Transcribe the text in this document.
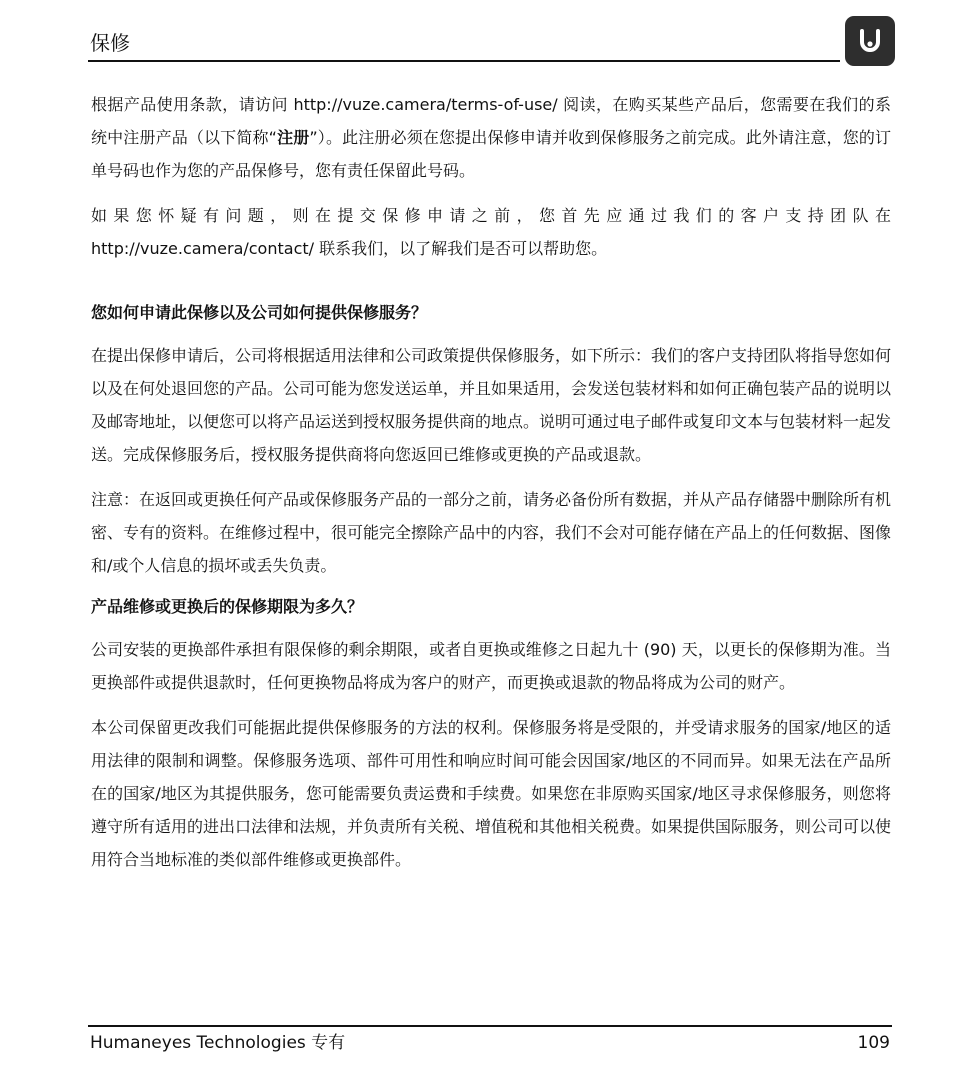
保修

根据产品使用条款，请访问 http://vuze.camera/terms-of-use/ 阅读，在购买某些产品后，您需要在我们的系统中注册产品（以下简称“注册”）。此注册必须在您提出保修申请并收到保修服务之前完成。此外请注意，您的订单号码也作为您的产品保修号，您有责任保留此号码。

如果您怀疑有问题，则在提交保修申请之前，您首先应通过我们的客户支持团队在 http://vuze.camera/contact/ 联系我们，以了解我们是否可以帮助您。

您如何申请此保修以及公司如何提供保修服务？

在提出保修申请后，公司将根据适用法律和公司政策提供保修服务，如下所示：我们的客户支持团队将指导您如何以及在何处退回您的产品。公司可能为您发送运单，并且如果适用，会发送包装材料和如何正确包装产品的说明以及邮寄地址，以便您可以将产品运送到授权服务提供商的地点。说明可通过电子邮件或复印文本与包装材料一起发送。完成保修服务后，授权服务提供商将向您返回已维修或更换的产品或退款。

注意：在返回或更换任何产品或保修服务产品的一部分之前，请务必备份所有数据，并从产品存储器中删除所有机密、专有的资料。在维修过程中，很可能完全擦除产品中的内容，我们不会对可能存储在产品上的任何数据、图像和/或个人信息的损坏或丢失负责。

产品维修或更换后的保修期限为多久？

公司安装的更换部件承担有限保修的剩余期限，或者自更换或维修之日起九十 (90) 天，以更长的保修期为准。当更换部件或提供退款时，任何更换物品将成为客户的财产，而更换或退款的物品将成为公司的财产。

本公司保留更改我们可能据此提供保修服务的方法的权利。保修服务将是受限的，并受请求服务的国家/地区的适用法律的限制和调整。保修服务选项、部件可用性和响应时间可能会因国家/地区的不同而异。如果无法在产品所在的国家/地区为其提供服务，您可能需要负责运费和手续费。如果您在非原购买国家/地区寻求保修服务，则您将遵守所有适用的进出口法律和法规，并负责所有关税、增值税和其他相关税费。如果提供国际服务，则公司可以使用符合当地标准的类似部件维修或更换部件。

Humaneyes Technologies 专有	109
